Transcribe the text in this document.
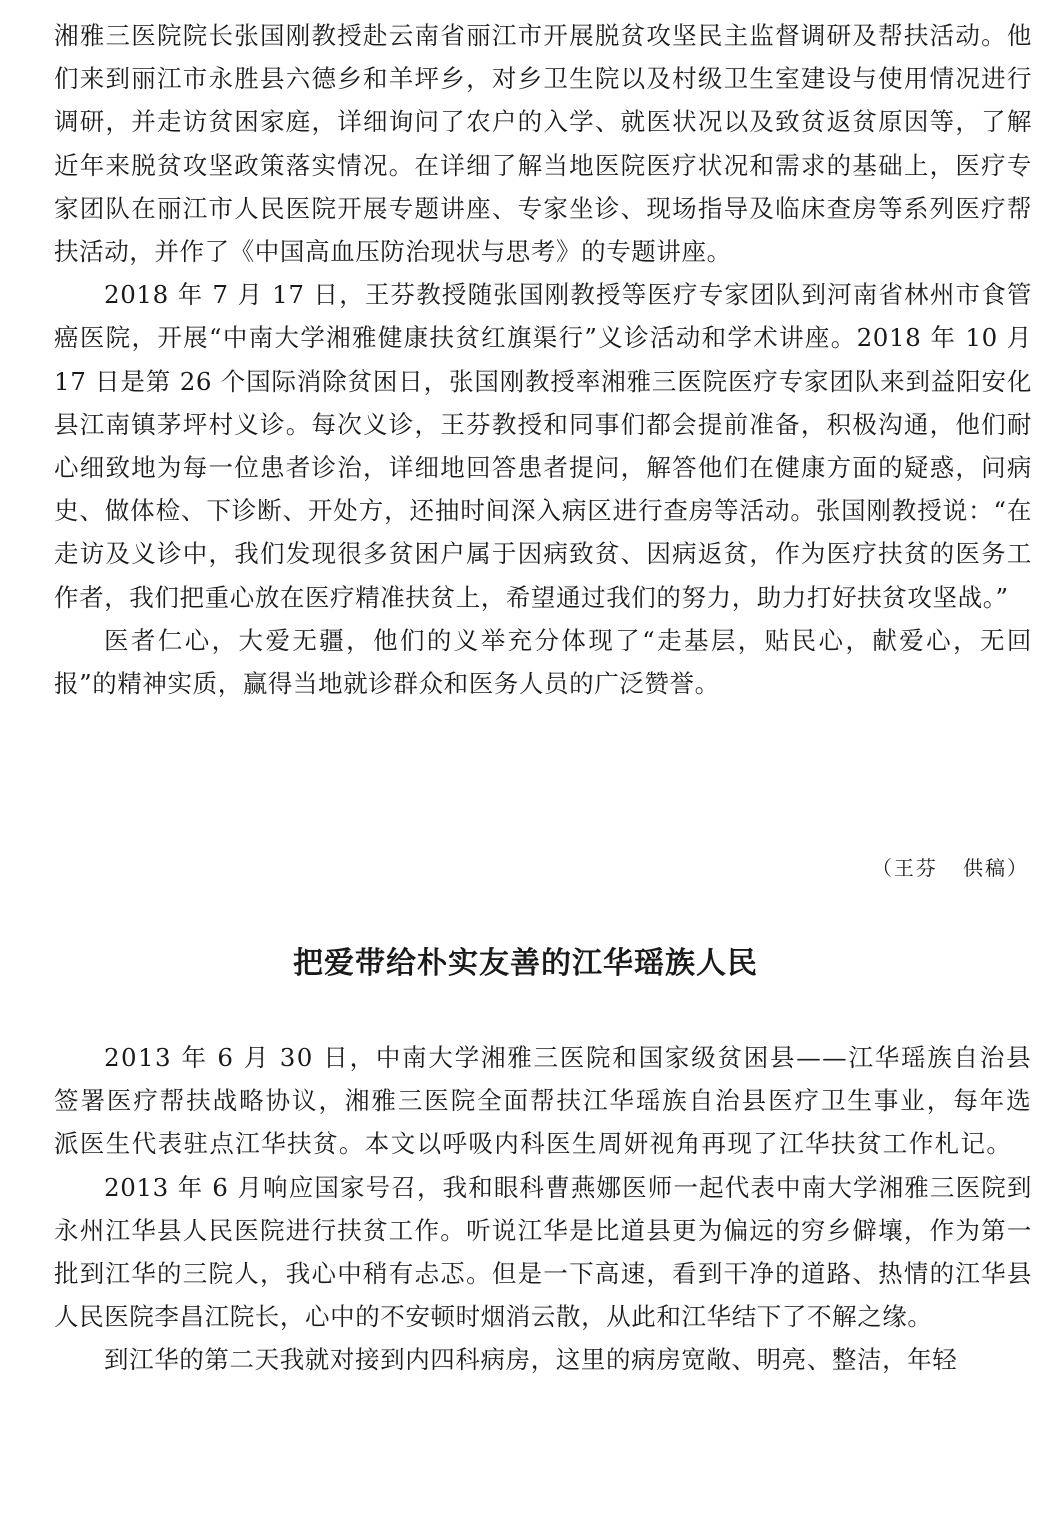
湘雅三医院院长张国刚教授赴云南省丽江市开展脱贫攻坚民主监督调研及帮扶活动。他们来到丽江市永胜县六德乡和羊坪乡，对乡卫生院以及村级卫生室建设与使用情况进行调研，并走访贫困家庭，详细询问了农户的入学、就医状况以及致贫返贫原因等，了解近年来脱贫攻坚政策落实情况。在详细了解当地医院医疗状况和需求的基础上，医疗专家团队在丽江市人民医院开展专题讲座、专家坐诊、现场指导及临床查房等系列医疗帮扶活动，并作了《中国高血压防治现状与思考》的专题讲座。

2018 年 7 月 17 日，王芬教授随张国刚教授等医疗专家团队到河南省林州市食管癌医院，开展“中南大学湘雅健康扶贫红旗渠行”义诊活动和学术讲座。2018 年 10 月 17 日是第 26 个国际消除贫困日，张国刚教授率湘雅三医院医疗专家团队来到益阳安化县江南镇茅坪村义诊。每次义诊，王芬教授和同事们都会提前准备，积极沟通，他们耐心细致地为每一位患者诊治，详细地回答患者提问，解答他们在健康方面的疑惑，问病史、做体检、下诊断、开处方，还抽时间深入病区进行查房等活动。张国刚教授说：“在走访及义诊中，我们发现很多贫困户属于因病致贫、因病返贫，作为医疗扶贫的医务工作者，我们把重心放在医疗精准扶贫上，希望通过我们的努力，助力打好扶贫攻坚战。”

医者仁心，大爱无疆，他们的义举充分体现了“走基层，贴民心，献爱心，无回报”的精神实质，赢得当地就诊群众和医务人员的广泛赞誉。

（王芬   供稿）
把爱带给朴实友善的江华瑶族人民

2013 年 6 月 30 日，中南大学湘雅三医院和国家级贫困县——江华瑶族自治县签署医疗帮扶战略协议，湘雅三医院全面帮扶江华瑶族自治县医疗卫生事业，每年选派医生代表驻点江华扶贫。本文以呼吸内科医生周妍视角再现了江华扶贫工作札记。

2013 年 6 月响应国家号召，我和眼科曹燕娜医师一起代表中南大学湘雅三医院到永州江华县人民医院进行扶贫工作。听说江华是比道县更为偏远的穷乡僻壤，作为第一批到江华的三院人，我心中稍有忐忑。但是一下高速，看到干净的道路、热情的江华县人民医院李昌江院长，心中的不安顿时烟消云散，从此和江华结下了不解之缘。

到江华的第二天我就对接到内四科病房，这里的病房宽敞、明亮、整洁，年轻
